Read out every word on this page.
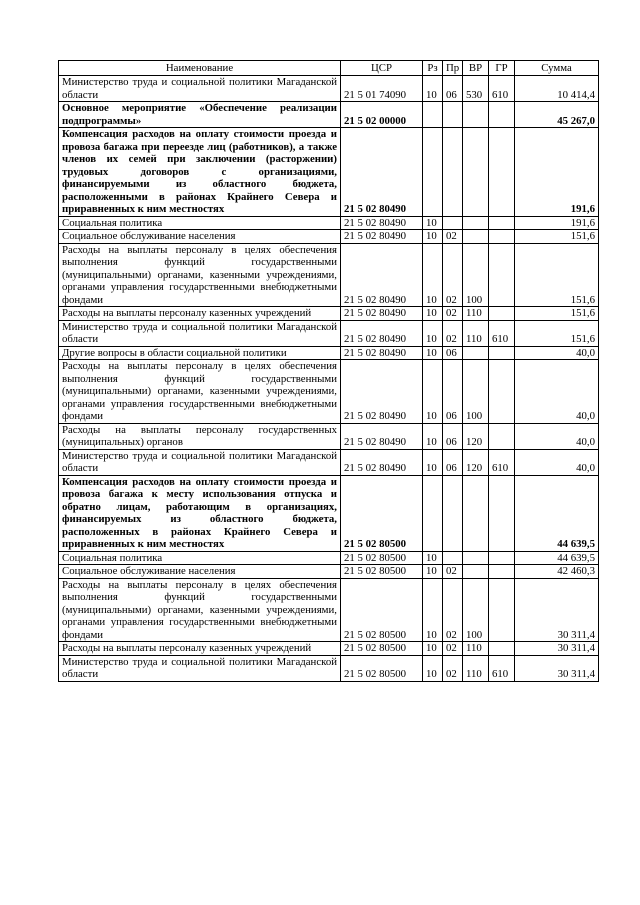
Наименование	ЦСР	Рз	Пр	ВР	ГР	Сумма
Министерство труда и социальной политики Магаданской области	21 5 01 74090	10	06	530	610	10 414,4
Основное мероприятие «Обеспечение реализации подпрограммы»	21 5 02 00000					45 267,0
Компенсация расходов на оплату стоимости проезда и провоза багажа при переезде лиц (работников), а также членов их семей при заключении (расторжении) трудовых договоров с организациями, финансируемыми из областного бюджета, расположенными в районах Крайнего Севера и приравненных к ним местностях	21 5 02 80490					191,6
Социальная политика	21 5 02 80490	10				191,6
Социальное обслуживание населения	21 5 02 80490	10	02			151,6
Расходы на выплаты персоналу в целях обеспечения выполнения функций государственными (муниципальными) органами, казенными учреждениями, органами управления государственными внебюджетными фондами	21 5 02 80490	10	02	100		151,6
Расходы на выплаты персоналу казенных учреждений	21 5 02 80490	10	02	110		151,6
Министерство труда и социальной политики Магаданской области	21 5 02 80490	10	02	110	610	151,6
Другие вопросы в области социальной политики	21 5 02 80490	10	06			40,0
Расходы на выплаты персоналу в целях обеспечения выполнения функций государственными (муниципальными) органами, казенными учреждениями, органами управления государственными внебюджетными фондами	21 5 02 80490	10	06	100		40,0
Расходы на выплаты персоналу государственных (муниципальных) органов	21 5 02 80490	10	06	120		40,0
Министерство труда и социальной политики Магаданской области	21 5 02 80490	10	06	120	610	40,0
Компенсация расходов на оплату стоимости проезда и провоза багажа к месту использования отпуска и обратно лицам, работающим в организациях, финансируемых из областного бюджета, расположенных в районах Крайнего Севера и приравненных к ним местностях	21 5 02 80500					44 639,5
Социальная политика	21 5 02 80500	10				44 639,5
Социальное обслуживание населения	21 5 02 80500	10	02			42 460,3
Расходы на выплаты персоналу в целях обеспечения выполнения функций государственными (муниципальными) органами, казенными учреждениями, органами управления государственными внебюджетными фондами	21 5 02 80500	10	02	100		30 311,4
Расходы на выплаты персоналу казенных учреждений	21 5 02 80500	10	02	110		30 311,4
Министерство труда и социальной политики Магаданской области	21 5 02 80500	10	02	110	610	30 311,4
